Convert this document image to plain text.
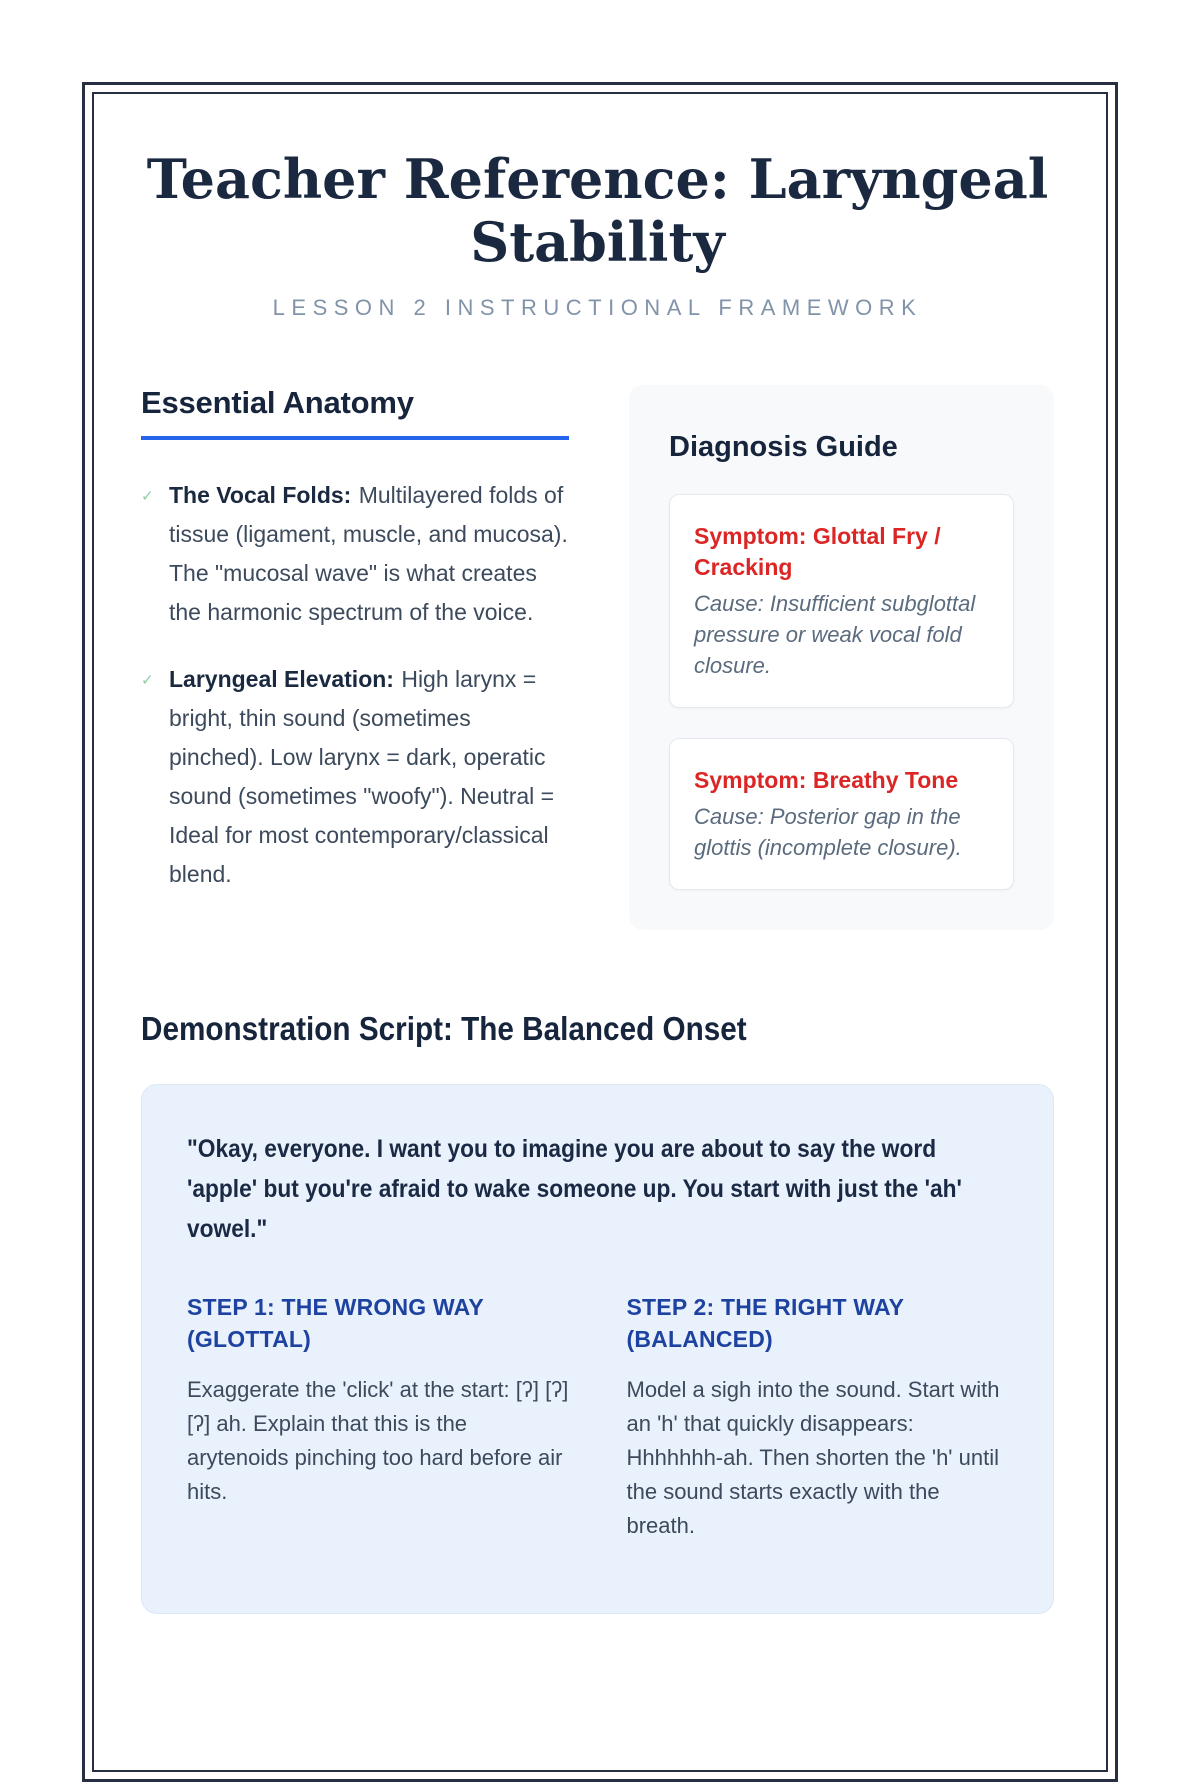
Teacher Reference: Laryngeal Stability
LESSON 2 INSTRUCTIONAL FRAMEWORK
Essential Anatomy
✓ The Vocal Folds: Multilayered folds of tissue (ligament, muscle, and mucosa). The "mucosal wave" is what creates the harmonic spectrum of the voice.
✓ Laryngeal Elevation: High larynx = bright, thin sound (sometimes pinched). Low larynx = dark, operatic sound (sometimes "woofy"). Neutral = Ideal for most contemporary/classical blend.
Diagnosis Guide
Symptom: Glottal Fry / Cracking
Cause: Insufficient subglottal pressure or weak vocal fold closure.
Symptom: Breathy Tone
Cause: Posterior gap in the glottis (incomplete closure).
Demonstration Script: The Balanced Onset
"Okay, everyone. I want you to imagine you are about to say the word 'apple' but you're afraid to wake someone up. You start with just the 'ah' vowel."
STEP 1: THE WRONG WAY (GLOTTAL)
Exaggerate the 'click' at the start: [ʔ] [ʔ] [ʔ] ah. Explain that this is the arytenoids pinching too hard before air hits.
STEP 2: THE RIGHT WAY (BALANCED)
Model a sigh into the sound. Start with an 'h' that quickly disappears: Hhhhhhh-ah. Then shorten the 'h' until the sound starts exactly with the breath.
